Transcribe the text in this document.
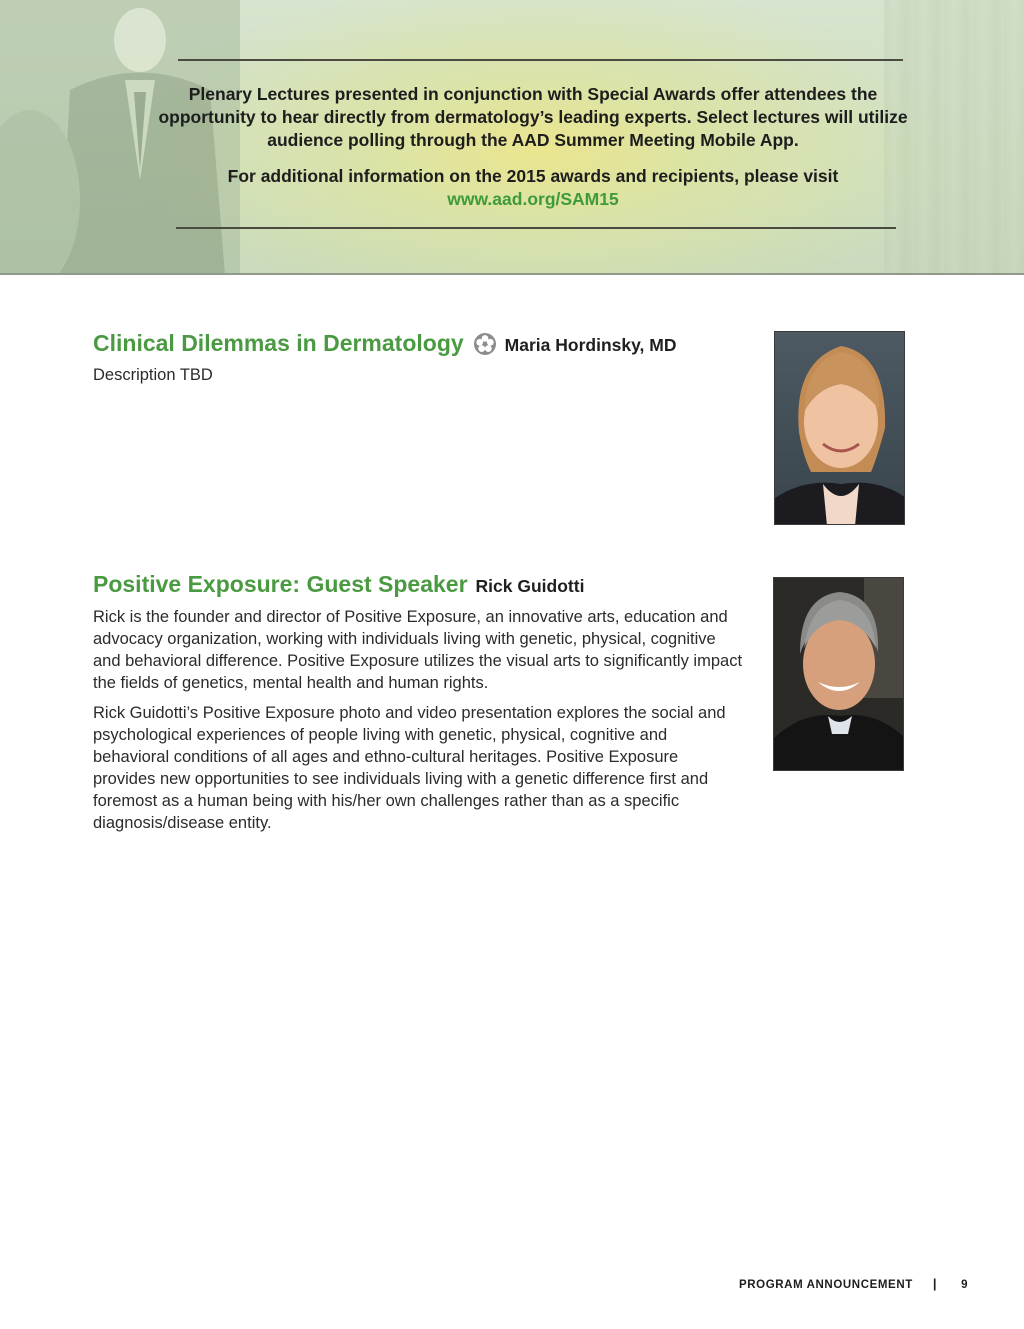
Plenary Lectures presented in conjunction with Special Awards offer attendees the opportunity to hear directly from dermatology’s leading experts. Select lectures will utilize audience polling through the AAD Summer Meeting Mobile App.

For additional information on the 2015 awards and recipients, please visit www.aad.org/SAM15

Clinical Dilemmas in Dermatology Maria Hordinsky, MD

Description TBD

Positive Exposure: Guest Speaker Rick Guidotti

Rick is the founder and director of Positive Exposure, an innovative arts, education and advocacy organization, working with individuals living with genetic, physical, cognitive and behavioral difference. Positive Exposure utilizes the visual arts to significantly impact the fields of genetics, mental health and human rights.

Rick Guidotti’s Positive Exposure photo and video presentation explores the social and psychological experiences of people living with genetic, physical, cognitive and behavioral conditions of all ages and ethno-cultural heritages. Positive Exposure provides new opportunities to see individuals living with a genetic difference first and foremost as a human being with his/her own challenges rather than as a specific diagnosis/disease entity.

PROGRAM ANNOUNCEMENT | 9
